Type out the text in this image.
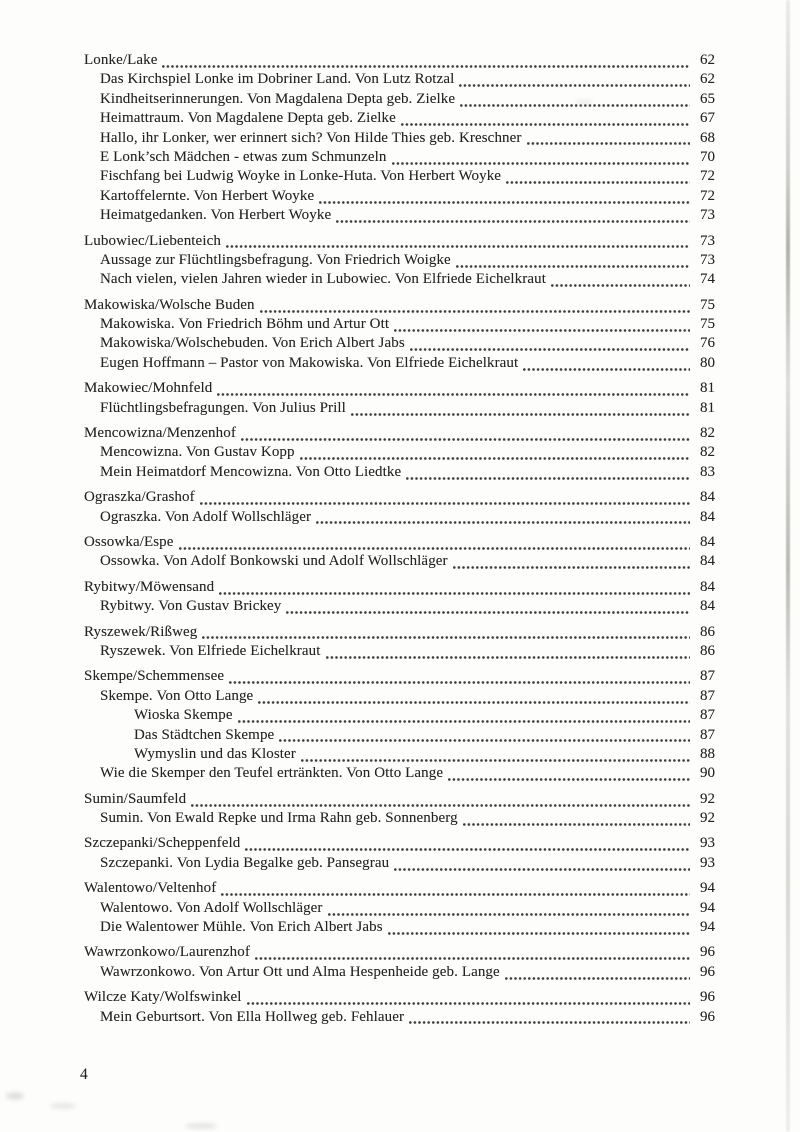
Lonke/Lake	62
Das Kirchspiel Lonke im Dobriner Land. Von Lutz Rotzal	62
Kindheitserinnerungen. Von Magdalena Depta geb. Zielke	65
Heimattraum. Von Magdalene Depta geb. Zielke	67
Hallo, ihr Lonker, wer erinnert sich? Von Hilde Thies geb. Kreschner	68
E Lonk’sch Mädchen - etwas zum Schmunzeln	70
Fischfang bei Ludwig Woyke in Lonke-Huta. Von Herbert Woyke	72
Kartoffelernte. Von Herbert Woyke	72
Heimatgedanken. Von Herbert Woyke	73
Lubowiec/Liebenteich	73
Aussage zur Flüchtlingsbefragung. Von Friedrich Woigke	73
Nach vielen, vielen Jahren wieder in Lubowiec. Von Elfriede Eichelkraut	74
Makowiska/Wolsche Buden	75
Makowiska. Von Friedrich Böhm und Artur Ott	75
Makowiska/Wolschebuden. Von Erich Albert Jabs	76
Eugen Hoffmann – Pastor von Makowiska. Von Elfriede Eichelkraut	80
Makowiec/Mohnfeld	81
Flüchtlingsbefragungen. Von Julius Prill	81
Mencowizna/Menzenhof	82
Mencowizna. Von Gustav Kopp	82
Mein Heimatdorf Mencowizna. Von Otto Liedtke	83
Ograszka/Grashof	84
Ograszka. Von Adolf Wollschläger	84
Ossowka/Espe	84
Ossowka. Von Adolf Bonkowski und Adolf Wollschläger	84
Rybitwy/Möwensand	84
Rybitwy. Von Gustav Brickey	84
Ryszewek/Rißweg	86
Ryszewek. Von Elfriede Eichelkraut	86
Skempe/Schemmensee	87
Skempe. Von Otto Lange	87
Wioska Skempe	87
Das Städtchen Skempe	87
Wymyslin und das Kloster	88
Wie die Skemper den Teufel ertränkten. Von Otto Lange	90
Sumin/Saumfeld	92
Sumin. Von Ewald Repke und Irma Rahn geb. Sonnenberg	92
Szczepanki/Scheppenfeld	93
Szczepanki. Von Lydia Begalke geb. Pansegrau	93
Walentowo/Veltenhof	94
Walentowo. Von Adolf Wollschläger	94
Die Walentower Mühle. Von Erich Albert Jabs	94
Wawrzonkowo/Laurenzhof	96
Wawrzonkowo. Von Artur Ott und Alma Hespenheide geb. Lange	96
Wilcze Katy/Wolfswinkel	96
Mein Geburtsort. Von Ella Hollweg geb. Fehlauer	96
4
